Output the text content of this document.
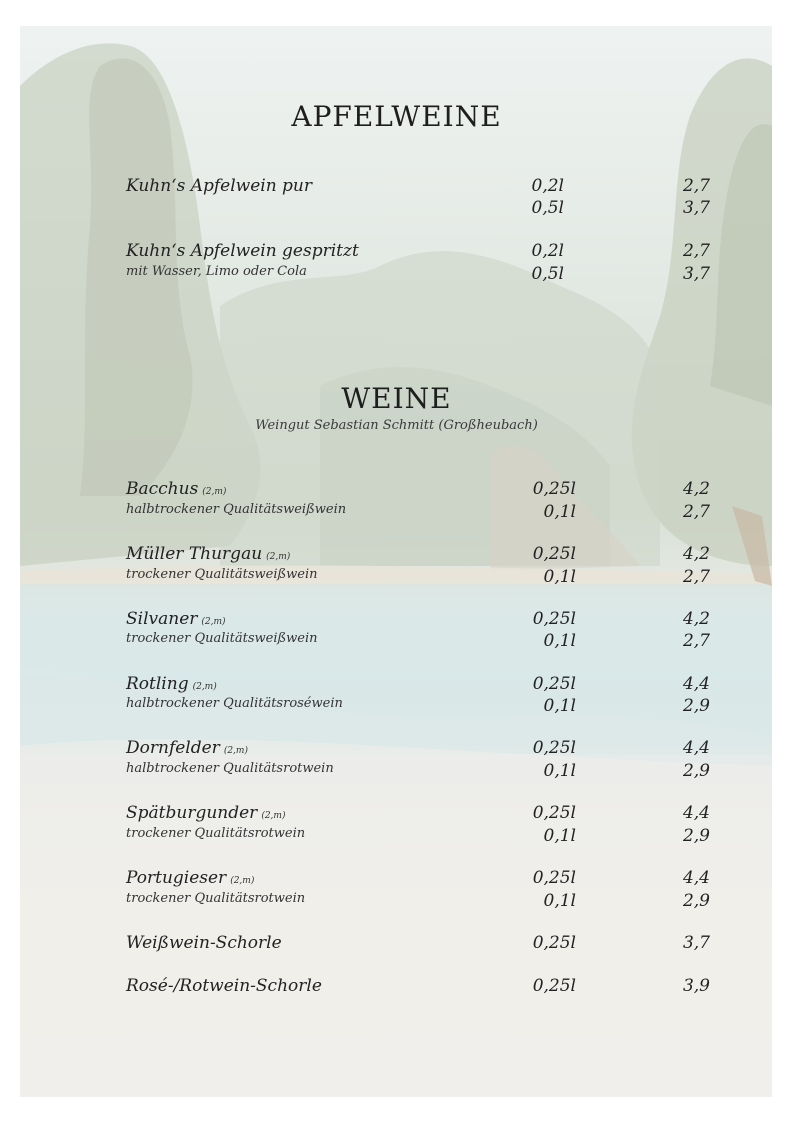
APFELWEINE
Kuhn‘s Apfelwein pur	0,2l	2,7
0,5l	3,7
Kuhn‘s Apfelwein gespritzt	0,2l	2,7
mit Wasser, Limo oder Cola	0,5l	3,7
WEINE
Weingut Sebastian Schmitt (Großheubach)
Bacchus (2,m)	0,25l	4,2
halbtrockener Qualitätsweißwein	0,1l	2,7
Müller Thurgau (2,m)	0,25l	4,2
trockener Qualitätsweißwein	0,1l	2,7
Silvaner (2,m)	0,25l	4,2
trockener Qualitätsweißwein	0,1l	2,7
Rotling (2,m)	0,25l	4,4
halbtrockener Qualitätsroséwein	0,1l	2,9
Dornfelder (2,m)	0,25l	4,4
halbtrockener Qualitätsrotwein	0,1l	2,9
Spätburgunder (2,m)	0,25l	4,4
trockener Qualitätsrotwein	0,1l	2,9
Portugieser (2,m)	0,25l	4,4
trockener Qualitätsrotwein	0,1l	2,9
Weißwein-Schorle	0,25l	3,7
Rosé-/Rotwein-Schorle	0,25l	3,9
